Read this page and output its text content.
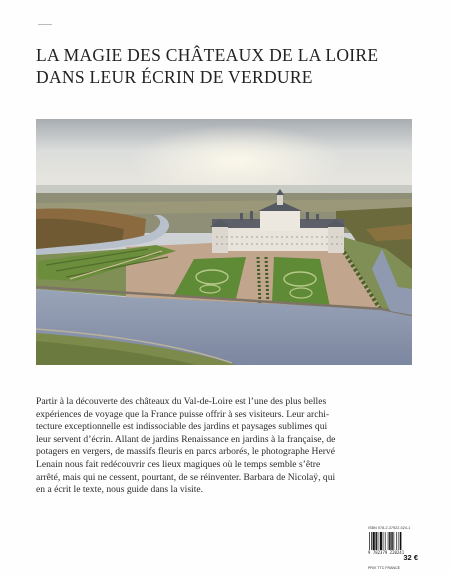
LA MAGIE DES CHÂTEAUX DE LA LOIRE
DANS LEUR ÉCRIN DE VERDURE
Partir à la découverte des châteaux du Val-de-Loire est l’une des plus belles
expériences de voyage que la France puisse offrir à ses visiteurs. Leur archi-
tecture exceptionnelle est indissociable des jardins et paysages sublimes qui
leur servent d’écrin. Allant de jardins Renaissance en jardins à la française, de
potagers en vergers, de massifs fleuris en parcs arborés, le photographe Hervé
Lenain nous fait redécouvrir ces lieux magiques où le temps semble s’être
arrêté, mais qui ne cessent, pourtant, de se réinventer. Barbara de Nicolaÿ, qui
en a écrit le texte, nous guide dans la visite.
ISBN 978-2-37922-024-1
9 782379 220241
PRIX TTC FRANCE
32 €
